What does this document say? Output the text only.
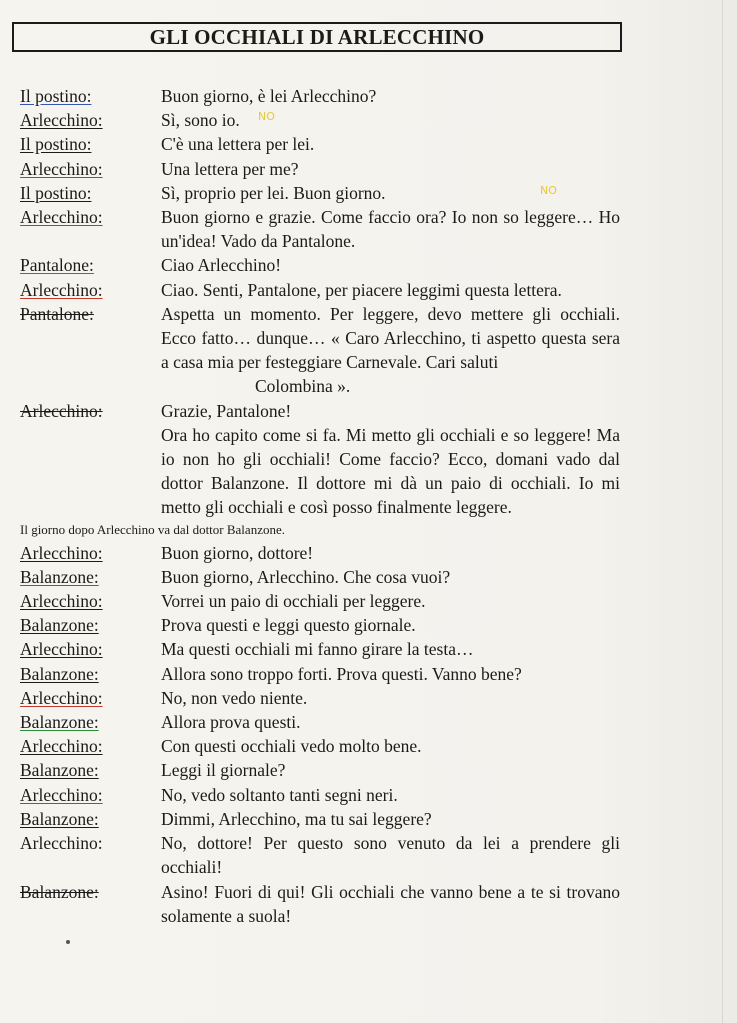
GLI OCCHIALI DI ARLECCHINO
Il postino:	Buon giorno, è lei Arlecchino?
Arlecchino:	Sì, sono io.
Il postino:	C'è una lettera per lei.
Arlecchino:	Una lettera per me?
Il postino:	Sì, proprio per lei. Buon giorno.
Arlecchino:	Buon giorno e grazie. Come faccio ora? Io non so leggere… Ho un'idea! Vado da Pantalone.
Pantalone:	Ciao Arlecchino!
Arlecchino:	Ciao. Senti, Pantalone, per piacere leggimi questa lettera.
Pantalone:	Aspetta un momento. Per leggere, devo mettere gli occhiali. Ecco fatto… dunque… « Caro Arlecchino, ti aspetto questa sera a casa mia per festeggiare Carnevale. Cari saluti
Colombina ».
Arlecchino:	Grazie, Pantalone!
Ora ho capito come si fa. Mi metto gli occhiali e so leggere! Ma io non ho gli occhiali! Come faccio? Ecco, domani vado dal dottor Balanzone. Il dottore mi dà un paio di occhiali. Io mi metto gli occhiali e così posso finalmente leggere.
Il giorno dopo Arlecchino va dal dottor Balanzone.
Arlecchino:	Buon giorno, dottore!
Balanzone:	Buon giorno, Arlecchino. Che cosa vuoi?
Arlecchino:	Vorrei un paio di occhiali per leggere.
Balanzone:	Prova questi e leggi questo giornale.
Arlecchino:	Ma questi occhiali mi fanno girare la testa…
Balanzone:	Allora sono troppo forti. Prova questi. Vanno bene?
Arlecchino:	No, non vedo niente.
Balanzone:	Allora prova questi.
Arlecchino:	Con questi occhiali vedo molto bene.
Balanzone:	Leggi il giornale?
Arlecchino:	No, vedo soltanto tanti segni neri.
Balanzone:	Dimmi, Arlecchino, ma tu sai leggere?
Arlecchino:	No, dottore! Per questo sono venuto da lei a prendere gli occhiali!
Balanzone:	Asino! Fuori di qui! Gli occhiali che vanno bene a te si trovano solamente a suola!
NO
NO
